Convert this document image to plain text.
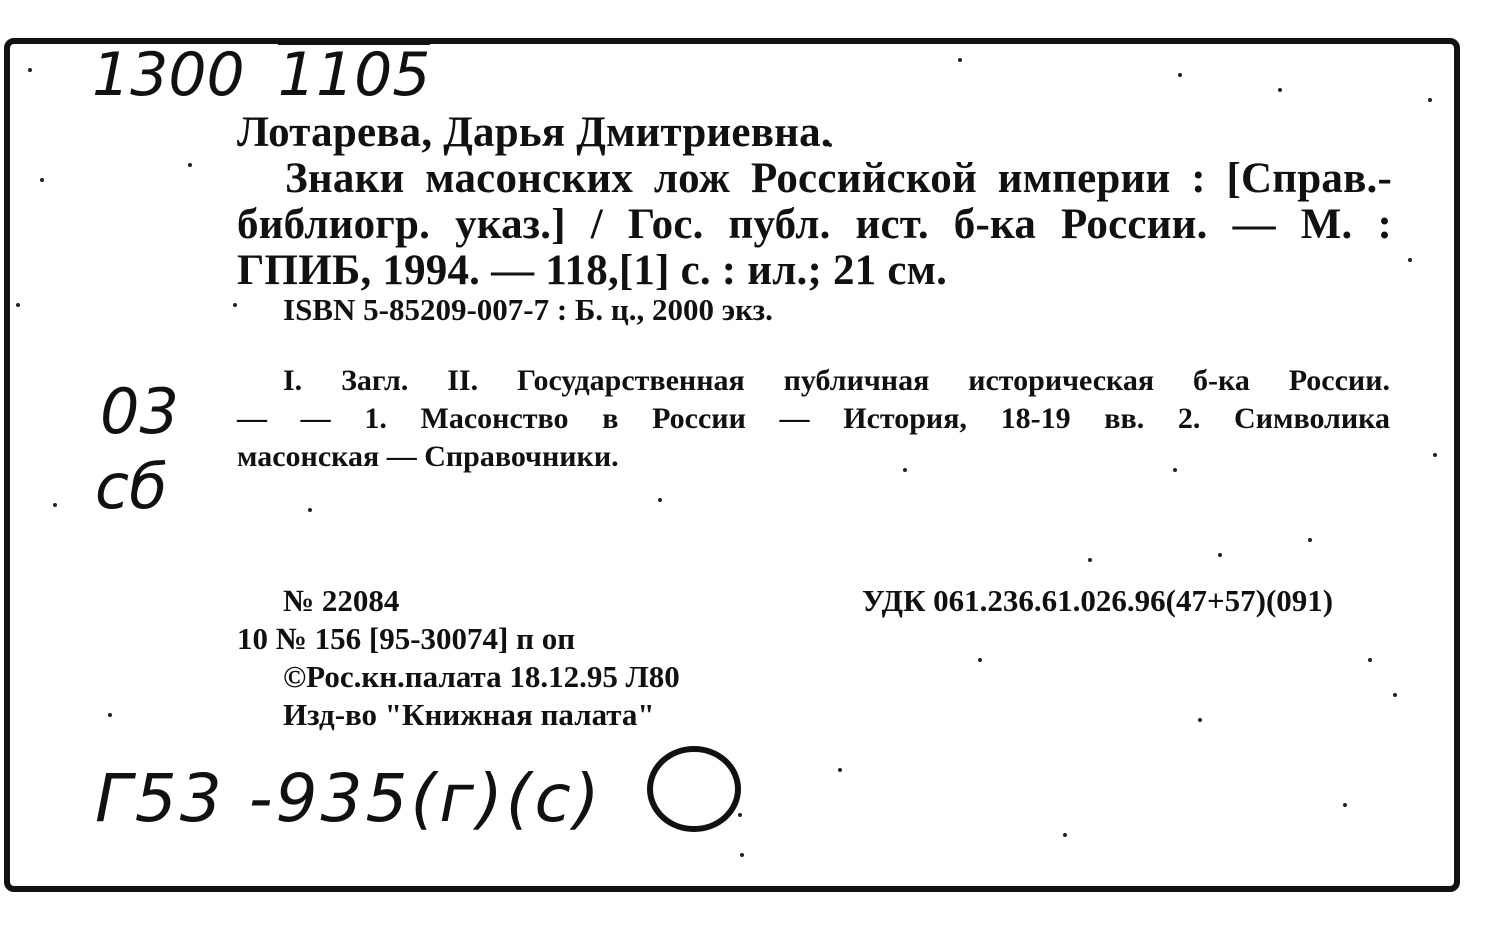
1300 1105
03
сб
Г53 -935(г)(с)
Лотарева, Дарья Дмитриевна.
Знаки масонских лож Российской империи : [Справ.-
библиогр. указ.] / Гос. публ. ист. б-ка России. — М. :
ГПИБ, 1994. — 118,[1] с. : ил.; 21 см.
ISBN 5-85209-007-7 : Б. ц., 2000 экз.
I. Загл. II. Государственная публичная историческая б-ка России.
— — 1. Масонство в России — История, 18-19 вв. 2. Символика
масонская — Справочники.
№ 22084	УДК 061.236.61.026.96(47+57)(091)
10 № 156 [95-30074] п оп
©Рос.кн.палата 18.12.95 Л80
Изд-во "Книжная палата"
